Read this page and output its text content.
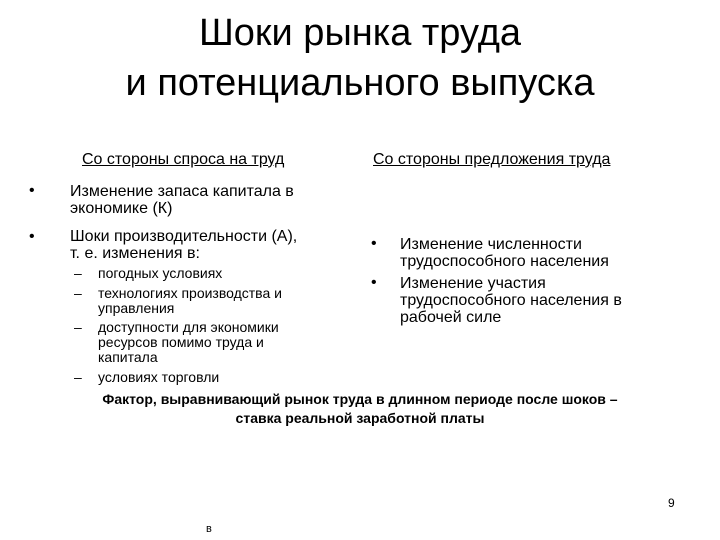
Шоки рынка труда
и потенциального выпуска
Со стороны спроса на труд	Со стороны предложения труда
• Изменение запаса капитала в
экономике (К)
• Шоки производительности (А),
т. е. изменения в:
– погодных условиях
– технологиях производства и
управления
– доступности для экономики
ресурсов помимо труда и
капитала
– условиях торговли
• Изменение численности
трудоспособного населения
• Изменение участия
трудоспособного населения в
рабочей силе
Фактор, выравнивающий рынок труда в длинном периоде после шоков –
ставка реальной заработной платы
9
в
